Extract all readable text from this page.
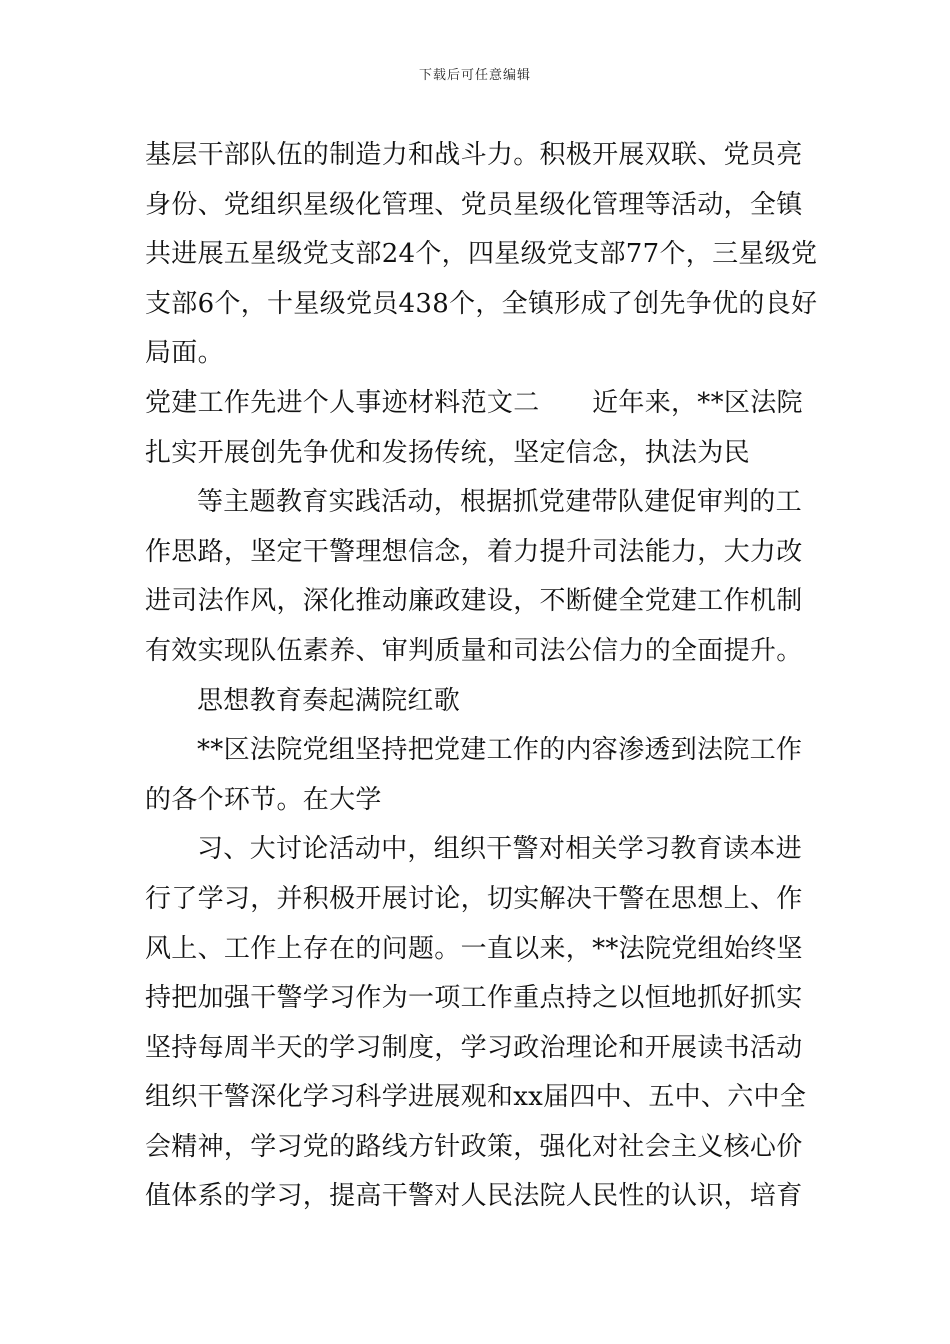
下载后可任意编辑
基层干部队伍的制造力和战斗力。积极开展双联、党员亮
身份、党组织星级化管理、党员星级化管理等活动，全镇
共进展五星级党支部24个，四星级党支部77个，三星级党
支部6个，十星级党员438个，全镇形成了创先争优的良好
局面。
党建工作先进个人事迹材料范文二　　近年来，**区法院
扎实开展创先争优和发扬传统，坚定信念，执法为民
等主题教育实践活动，根据抓党建带队建促审判的工
作思路，坚定干警理想信念，着力提升司法能力，大力改
进司法作风，深化推动廉政建设，不断健全党建工作机制
有效实现队伍素养、审判质量和司法公信力的全面提升。
思想教育奏起满院红歌
**区法院党组坚持把党建工作的内容渗透到法院工作
的各个环节。在大学
习、大讨论活动中，组织干警对相关学习教育读本进
行了学习，并积极开展讨论，切实解决干警在思想上、作
风上、工作上存在的问题。一直以来，**法院党组始终坚
持把加强干警学习作为一项工作重点持之以恒地抓好抓实
坚持每周半天的学习制度，学习政治理论和开展读书活动
组织干警深化学习科学进展观和xx届四中、五中、六中全
会精神，学习党的路线方针政策，强化对社会主义核心价
值体系的学习，提高干警对人民法院人民性的认识，培育
